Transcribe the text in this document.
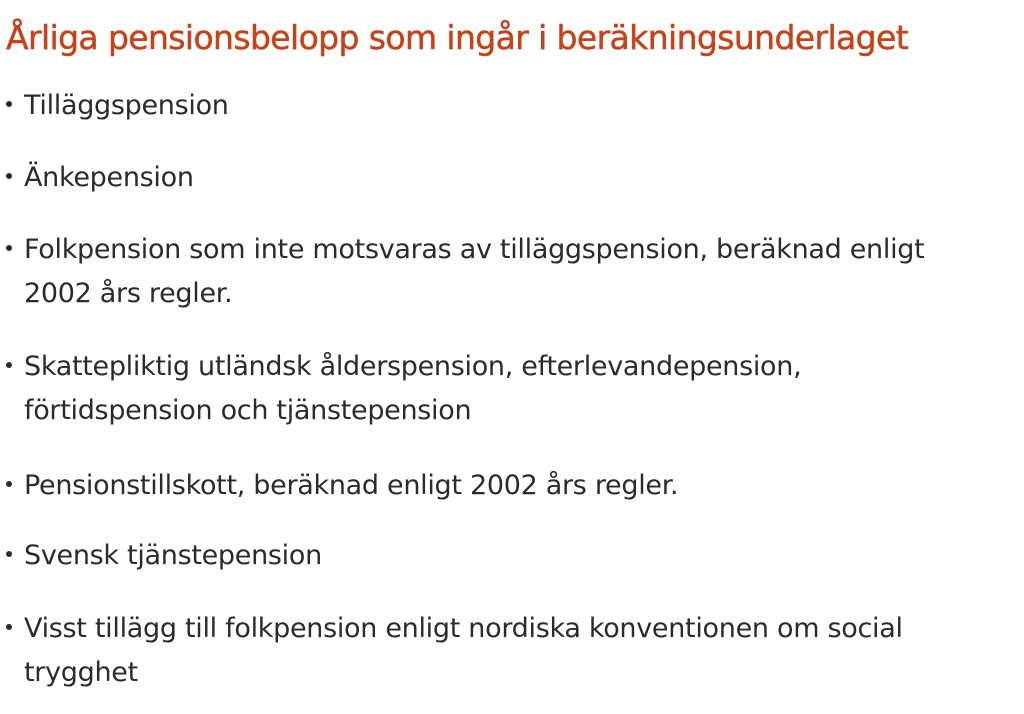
Årliga pensionsbelopp som ingår i beräkningsunderlaget
Tilläggspension
Änkepension
Folkpension som inte motsvaras av tilläggspension, beräknad enligt
2002 års regler.
Skattepliktig utländsk ålderspension, efterlevandepension,
förtidspension och tjänstepension
Pensionstillskott, beräknad enligt 2002 års regler.
Svensk tjänstepension
Visst tillägg till folkpension enligt nordiska konventionen om social
trygghet
